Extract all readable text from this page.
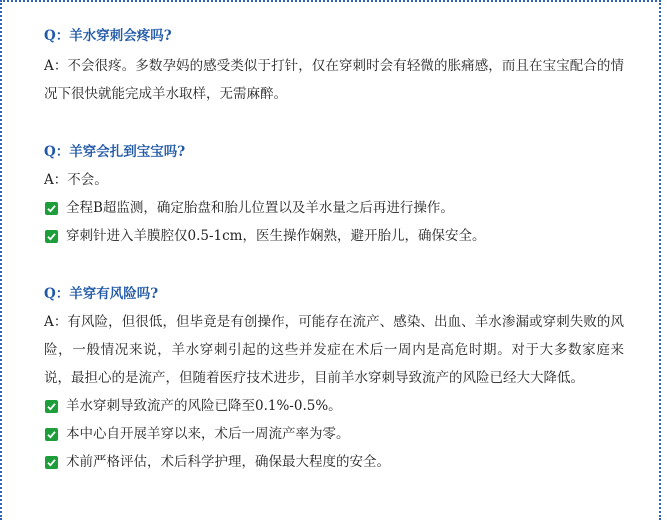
Q：羊水穿刺会疼吗?

A：不会很疼。多数孕妈的感受类似于打针，仅在穿刺时会有轻微的胀痛感，而且在宝宝配合的情况下很快就能完成羊水取样，无需麻醉。

Q：羊穿会扎到宝宝吗?

A：不会。

全程B超监测，确定胎盘和胎儿位置以及羊水量之后再进行操作。
穿刺针进入羊膜腔仅0.5-1cm，医生操作娴熟，避开胎儿，确保安全。
Q：羊穿有风险吗?

A：有风险，但很低，但毕竟是有创操作，可能存在流产、感染、出血、羊水渗漏或穿刺失败的风险，一般情况来说，羊水穿刺引起的这些并发症在术后一周内是高危时期。对于大多数家庭来说，最担心的是流产，但随着医疗技术进步，目前羊水穿刺导致流产的风险已经大大降低。

羊水穿刺导致流产的风险已降至0.1%-0.5%。
本中心自开展羊穿以来，术后一周流产率为零。
术前严格评估，术后科学护理，确保最大程度的安全。
